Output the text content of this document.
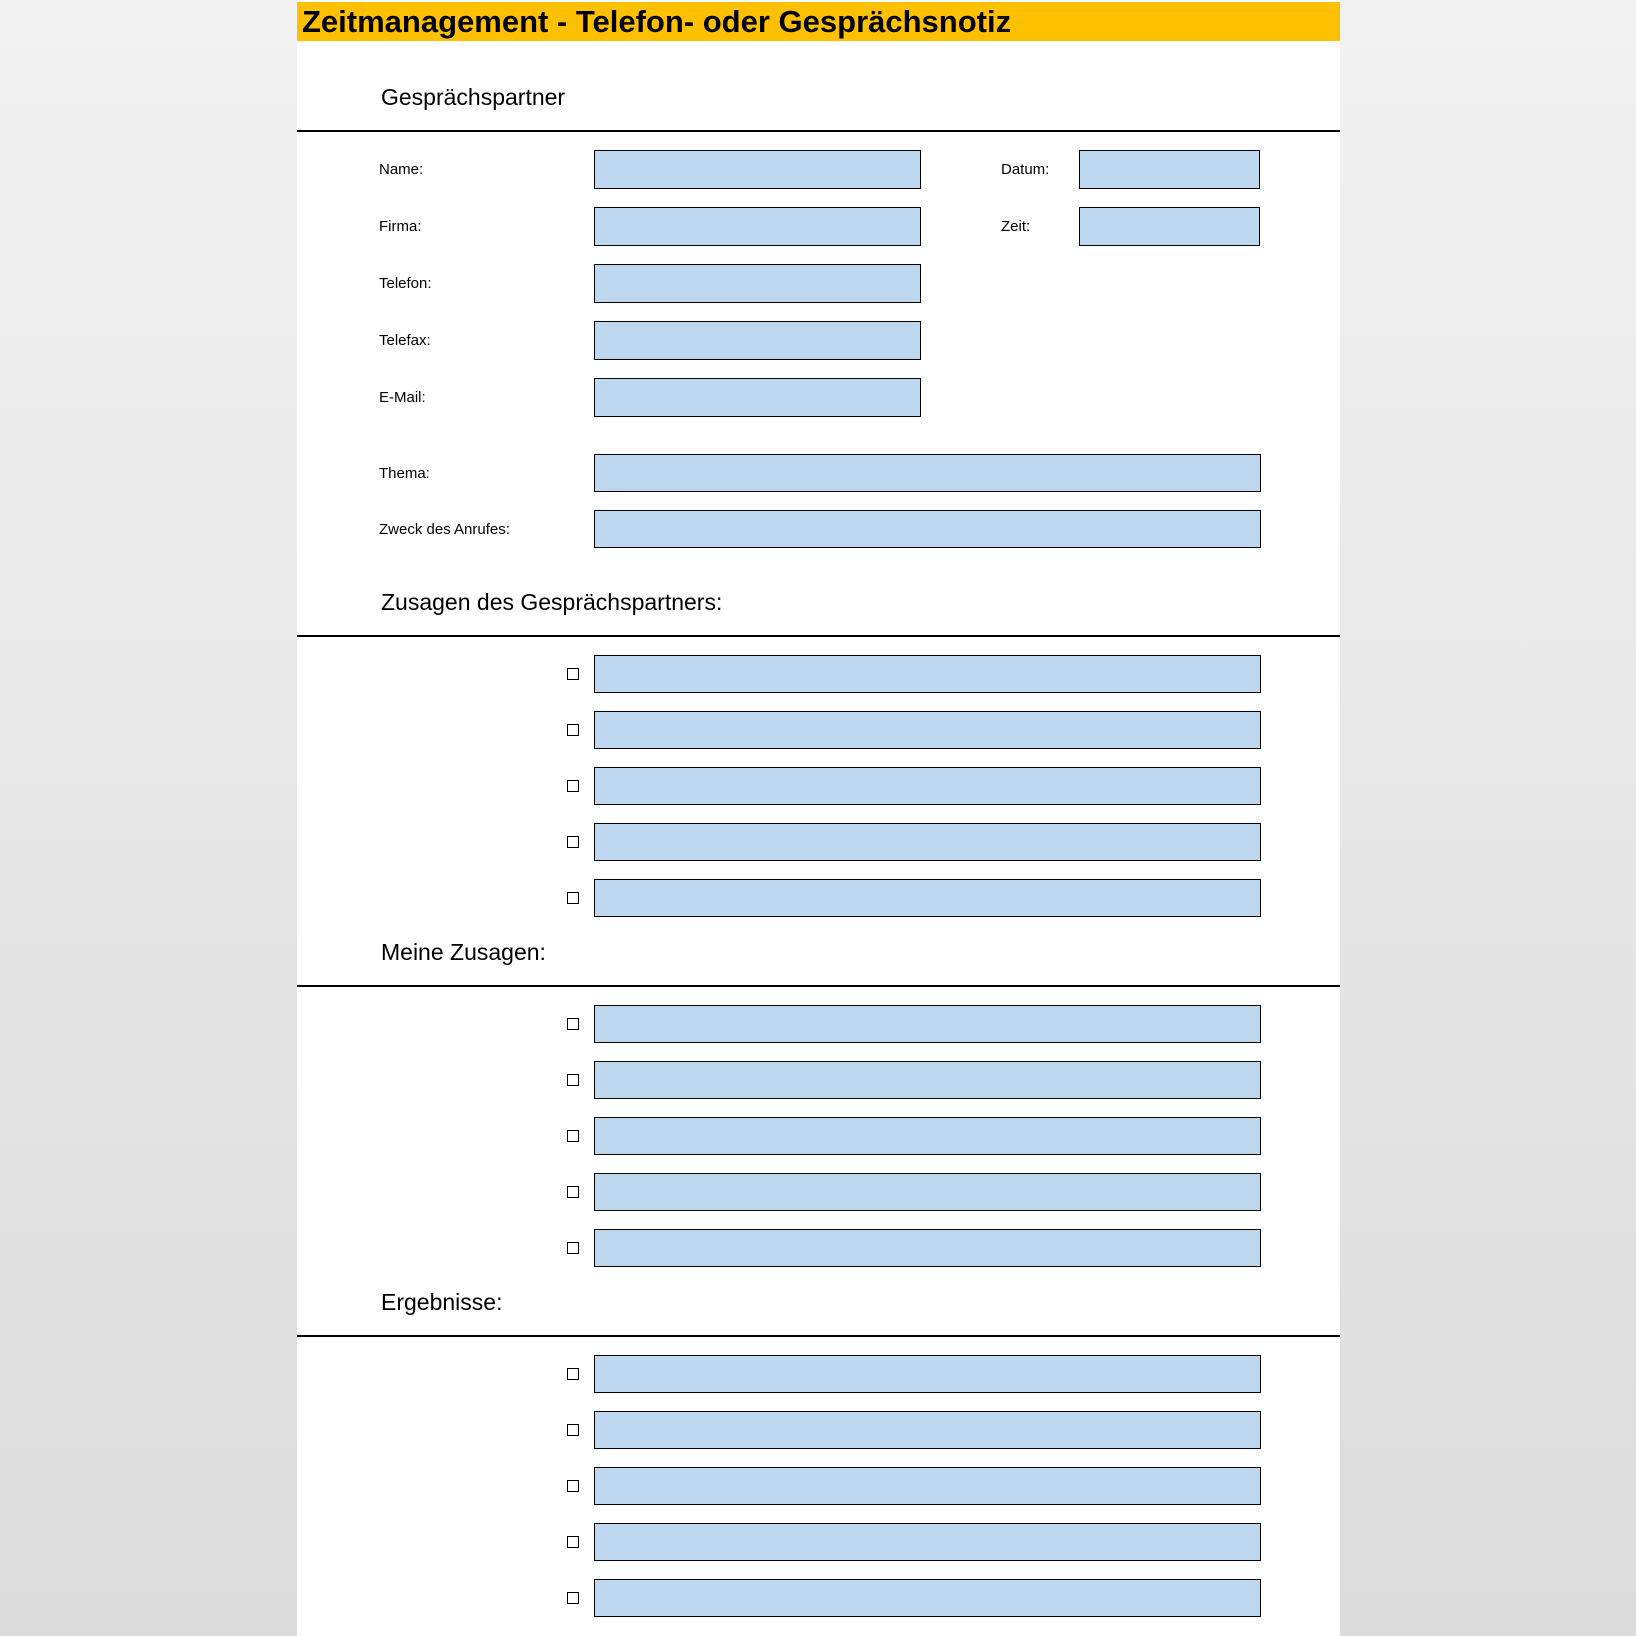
Zeitmanagement - Telefon- oder Gesprächsnotiz
Gesprächspartner
Name:	Datum:
Firma:	Zeit:
Telefon:
Telefax:
E-Mail:
Thema:
Zweck des Anrufes:
Zusagen des Gesprächspartners:
Meine Zusagen:
Ergebnisse:
